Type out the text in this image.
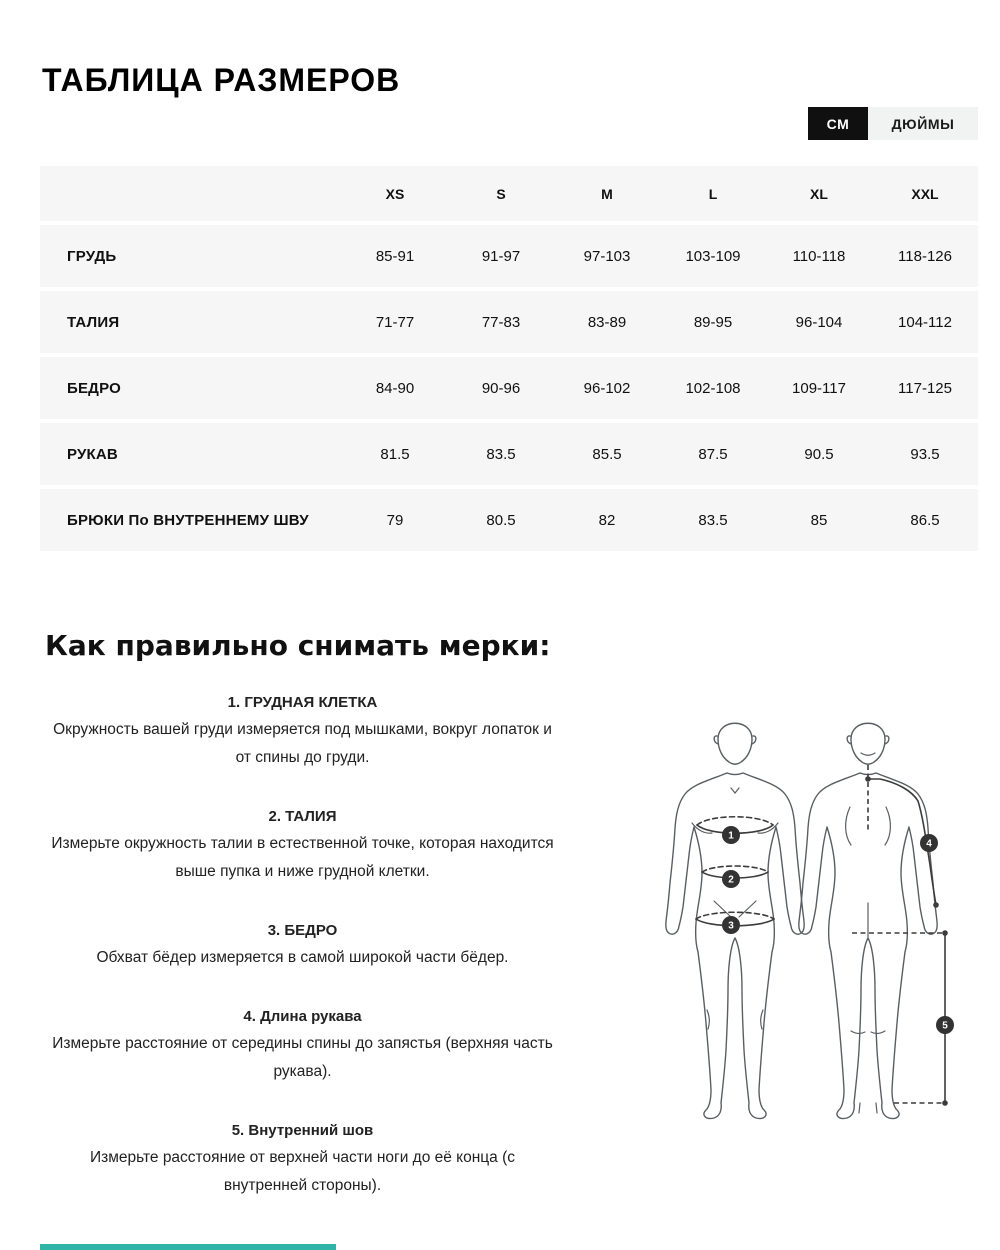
ТАБЛИЦА РАЗМЕРОВ
СМ	ДЮЙМЫ
XS	S	M	L	XL	XXL
ГРУДЬ	85-91	91-97	97-103	103-109	110-118	118-126
ТАЛИЯ	71-77	77-83	83-89	89-95	96-104	104-112
БЕДРО	84-90	90-96	96-102	102-108	109-117	117-125
РУКАВ	81.5	83.5	85.5	87.5	90.5	93.5
БРЮКИ По ВНУТРЕННЕМУ ШВУ	79	80.5	82	83.5	85	86.5
Как правильно снимать мерки:
1. ГРУДНАЯ КЛЕТКА
Окружность вашей груди измеряется под мышками, вокруг лопаток и от спины до груди.
2. ТАЛИЯ
Измерьте окружность талии в естественной точке, которая находится выше пупка и ниже грудной клетки.
3. БЕДРО
Обхват бёдер измеряется в самой широкой части бёдер.
4. Длина рукава
Измерьте расстояние от середины спины до запястья (верхняя часть рукава).
5. Внутренний шов
Измерьте расстояние от верхней части ноги до её конца (с внутренней стороны).
1
2
3
4
5
